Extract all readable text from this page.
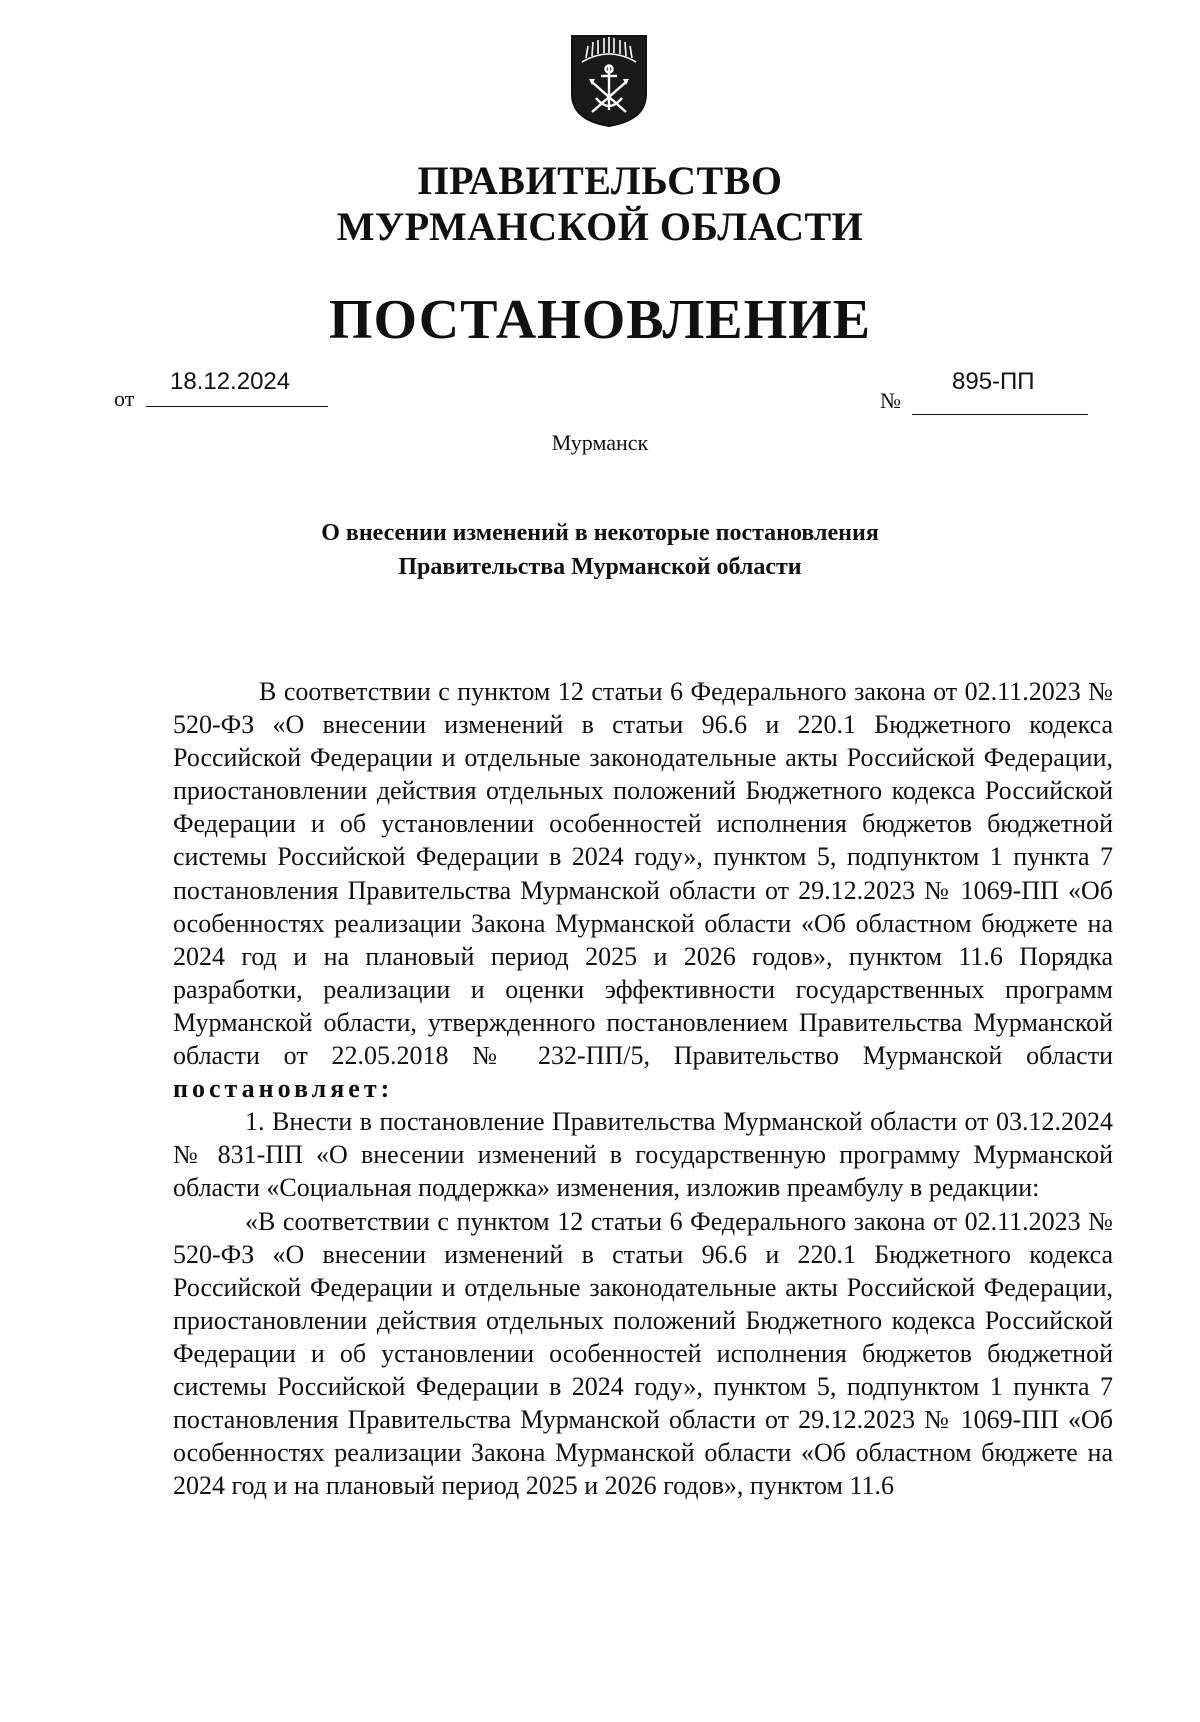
ПРАВИТЕЛЬСТВО
МУРМАНСКОЙ ОБЛАСТИ
ПОСТАНОВЛЕНИЕ
от
18.12.2024
№
895-ПП
Мурманск
О внесении изменений в некоторые постановления
Правительства Мурманской области

В соответствии с пунктом 12 статьи 6 Федерального закона от 02.11.2023 № 520-ФЗ «О внесении изменений в статьи 96.6 и 220.1 Бюджетного кодекса Российской Федерации и отдельные законодательные акты Российской Федерации, приостановлении действия отдельных положений Бюджетного кодекса Российской Федерации и об установлении особенностей исполнения бюджетов бюджетной системы Российской Федерации в 2024 году», пунктом 5, подпунктом 1 пункта 7 постановления Правительства Мурманской области от 29.12.2023 № 1069-ПП «Об особенностях реализации Закона Мурманской области «Об областном бюджете на 2024 год и на плановый период 2025 и 2026 годов», пунктом 11.6 Порядка разработки, реализации и оценки эффективности государственных программ Мурманской области, утвержденного постановлением Правительства Мурманской области от 22.05.2018 № 232-ПП/5, Правительство Мурманской области постановляет:

1. Внести в постановление Правительства Мурманской области от 03.12.2024 № 831-ПП «О внесении изменений в государственную программу Мурманской области «Социальная поддержка» изменения, изложив преамбулу в редакции:

«В соответствии с пунктом 12 статьи 6 Федерального закона от 02.11.2023 № 520-ФЗ «О внесении изменений в статьи 96.6 и 220.1 Бюджетного кодекса Российской Федерации и отдельные законодательные акты Российской Федерации, приостановлении действия отдельных положений Бюджетного кодекса Российской Федерации и об установлении особенностей исполнения бюджетов бюджетной системы Российской Федерации в 2024 году», пунктом 5, подпунктом 1 пункта 7 постановления Правительства Мурманской области от 29.12.2023 № 1069-ПП «Об особенностях реализации Закона Мурманской области «Об областном бюджете на 2024 год и на плановый период 2025 и 2026 годов», пунктом 11.6
